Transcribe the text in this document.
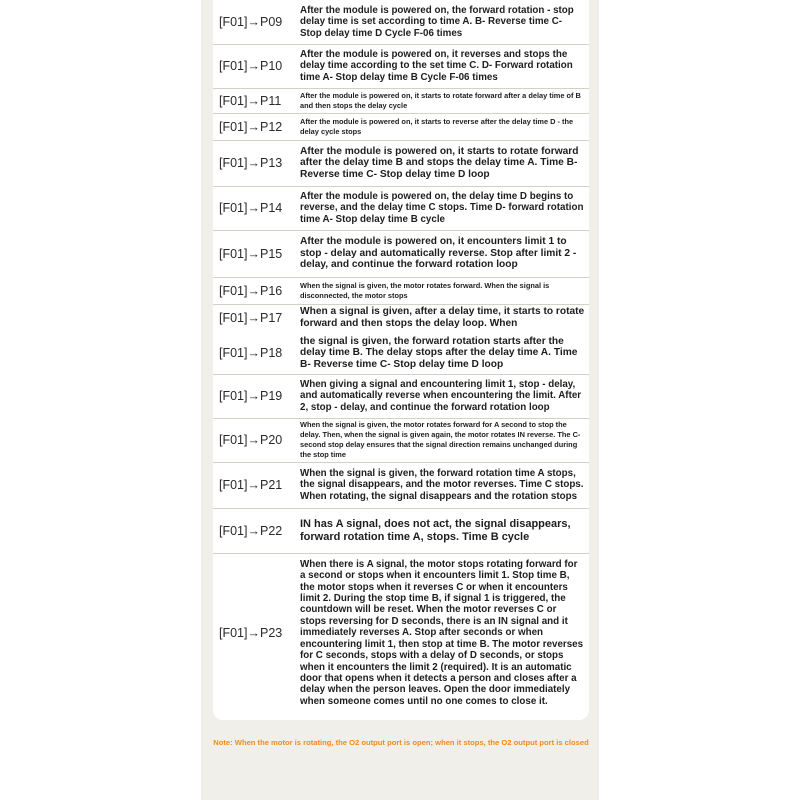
[F01]→P09
After the module is powered on, the forward rotation - stop delay time is set according to time A. B- Reverse time C- Stop delay time D Cycle F-06 times
[F01]→P10
After the module is powered on, it reverses and stops the delay time according to the set time C. D- Forward rotation time A- Stop delay time B Cycle F-06 times
[F01]→P11	After the module is powered on, it starts to rotate forward after a delay time of B and then stops the delay cycle
[F01]→P12	After the module is powered on, it starts to reverse after the delay time D - the delay cycle stops
[F01]→P13
After the module is powered on, it starts to rotate forward after the delay time B and stops the delay time A. Time B- Reverse time C- Stop delay time D loop
[F01]→P14
After the module is powered on, the delay time D begins to reverse, and the delay time C stops. Time D- forward rotation time A- Stop delay time B cycle
[F01]→P15
After the module is powered on, it encounters limit 1 to stop - delay and automatically reverse. Stop after limit 2 - delay, and continue the forward rotation loop
[F01]→P16	When the signal is given, the motor rotates forward. When the signal is disconnected, the motor stops
[F01]→P17	When a signal is given, after a delay time, it starts to rotate forward and then stops the delay loop. When
[F01]→P18
the signal is given, the forward rotation starts after the delay time B. The delay stops after the delay time A. Time B- Reverse time C- Stop delay time D loop
[F01]→P19
When giving a signal and encountering limit 1, stop - delay, and automatically reverse when encountering the limit. After 2, stop - delay, and continue the forward rotation loop
[F01]→P20
When the signal is given, the motor rotates forward for A second to stop the delay. Then, when the signal is given again, the motor rotates IN reverse. The C-second stop delay ensures that the signal direction remains unchanged during the stop time
[F01]→P21
When the signal is given, the forward rotation time A stops, the signal disappears, and the motor reverses. Time C stops. When rotating, the signal disappears and the rotation stops
[F01]→P22	IN has A signal, does not act, the signal disappears, forward rotation time A, stops. Time B cycle
[F01]→P23
When there is A signal, the motor stops rotating forward for a second or stops when it encounters limit 1. Stop time B, the motor stops when it reverses C or when it encounters limit 2. During the stop time B, if signal 1 is triggered, the countdown will be reset. When the motor reverses C or stops reversing for D seconds, there is an IN signal and it immediately reverses A. Stop after seconds or when encountering limit 1, then stop at time B. The motor reverses for C seconds, stops with a delay of D seconds, or stops when it encounters the limit 2 (required). It is an automatic door that opens when it detects a person and closes after a delay when the person leaves. Open the door immediately when someone comes until no one comes to close it.
Note: When the motor is rotating, the O2 output port is open; when it stops, the O2 output port is closed
